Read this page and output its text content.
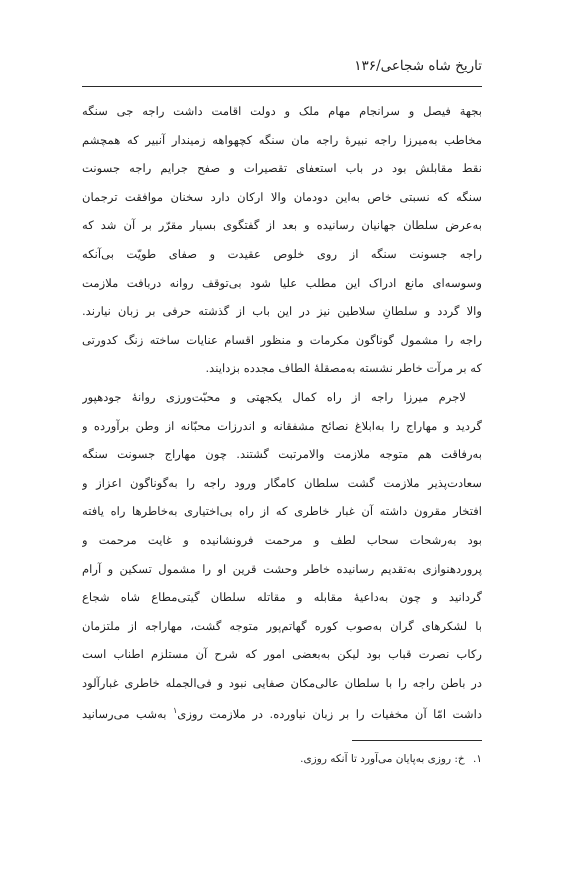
تاریخ شاه شجاعی/۱۳۶
بجهة فیصل و سرانجام مهام ملک و دولت اقامت داشت راجه جی سنگه
مخاطب به‌میرزا راجه نبیرهٔ راجه مان سنگه کچهواهه زمیندار آنبیر که همچشم
نقط مقابلش بود در باب استعفای تقصیرات و صفح جرایم راجه جسونت
سنگه که نسبتی خاص به‌این دودمان والا ارکان دارد سخنان موافقت ترجمان
به‌عرض سلطان جهانیان رسانیده و بعد از گفتگوی بسیار مقرّر بر آن شد که
راجه جسونت سنگه از روی خلوص عقیدت و صفای طویّت بی‌آنکه
وسوسه‌ای مانع ادراک این مطلب علیا شود بی‌توقف روانه دربافت ملازمت
والا گردد و سلطانِ سلاطین نیز در این باب از گذشته حرفی بر زبان نیارند.
راجه را مشمول گوناگون مکرمات و منظور اقسام عنایات ساخته زنگ کدورتی
که بر مرآت خاطر نشسته به‌مصقلهٔ الطاف مجدده بزدایند.
لاجرم میرزا راجه از راه کمال یکجهتی و محبّت‌ورزی روانهٔ جودهپور
گردید و مهاراج را به‌ابلاغ نصائح مشفقانه و اندرزات محبّانه از وطن برآورده و
به‌رفاقت هم متوجه ملازمت والامرتبت گشتند. چون مهاراج جسونت سنگه
سعادت‌پذیر ملازمت گشت سلطان کامگار ورود راجه را به‌گوناگون اعزاز و
افتخار مقرون داشته آن غبار خاطری که از راه بی‌اختیاری به‌خاطرها راه یافته
بود به‌رشحات سحاب لطف و مرحمت فرونشانیده و غایت مرحمت و
پروردهنوازی به‌تقدیم رسانیده خاطر وحشت قرین او را مشمول تسکین و آرام
گردانید و چون به‌داعیهٔ مقابله و مقاتله سلطان گیتی‌مطاع شاه شجاع
با لشکرهای گران به‌صوب کوره گهاتم‌پور متوجه گشت، مهاراجه از ملتزمان
رکاب نصرت قباب بود لیکن به‌بعضی امور که شرح آن مستلزم اطناب است
در باطن راجه را با سلطان عالی‌مکان صفایی نبود و فی‌الجمله خاطری غبارآلود
داشت امّا آن مخفیات را بر زبان نیاورده. در ملازمت روزی$^۱$ به‌شب می‌رسانید
۱. خ: روزی به‌پایان می‌آورد تا آنکه روزی.
